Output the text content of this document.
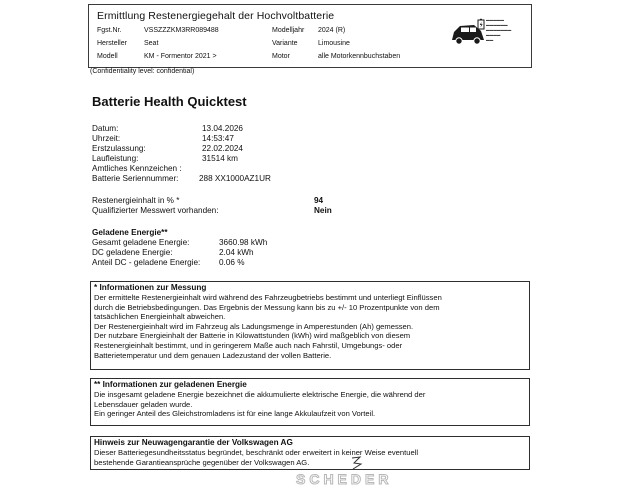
Ermittlung Restenergiegehalt der Hochvoltbatterie
Fgst.Nr.	VSSZZZKM3RR089488	Modelljahr 2024 (R)
Hersteller Seat	Variante	Limousine
Modell	KM - Formentor 2021 >	Motor	alle Motorkennbuchstaben
(Confidentiality level: confidential)
▬▬▬▬▬
▬▬▬▬▬▬
▬▬▬▬▬▬▬
▬▬▬▬
▬▬
Batterie Health Quicktest
Datum:	13.04.2026
Uhrzeit:	14:53:47
Erstzulassung:	22.02.2024
Laufleistung:	31514 km
Amtliches Kennzeichen :
Batterie Seriennummer:	288 XX1000AZ1UR
Restenergieinhalt in % *	94
Qualifizierter Messwert vorhanden:	Nein
Geladene Energie**
Gesamt geladene Energie:	3660.98 kWh
DC geladene Energie:	2.04 kWh
Anteil DC - geladene Energie: 0.06 %
* Informationen zur Messung
Der ermittelte Restenergieinhalt wird während des Fahrzeugbetriebs bestimmt und unterliegt Einflüssen
durch die Betriebsbedingungen. Das Ergebnis der Messung kann bis zu +/- 10 Prozentpunkte von dem
tatsächlichen Energieinhalt abweichen.
Der Restenergieinhalt wird im Fahrzeug als Ladungsmenge in Amperestunden (Ah) gemessen.
Der nutzbare Energieinhalt der Batterie in Kilowattstunden (kWh) wird maßgeblich von diesem
Restenergieinhalt bestimmt, und in geringerem Maße auch nach Fahrstil, Umgebungs- oder
Batterietemperatur und dem genauen Ladezustand der vollen Batterie.
** Informationen zur geladenen Energie
Die insgesamt geladene Energie bezeichnet die akkumulierte elektrische Energie, die während der
Lebensdauer geladen wurde.
Ein geringer Anteil des Gleichstromladens ist für eine lange Akkulaufzeit von Vorteil.
Hinweis zur Neuwagengarantie der Volkswagen AG
Dieser Batteriegesundheitsstatus begründet, beschränkt oder erweitert in keiner Weise eventuell
bestehende Garantieansprüche gegenüber der Volkswagen AG.
SCHEDER
